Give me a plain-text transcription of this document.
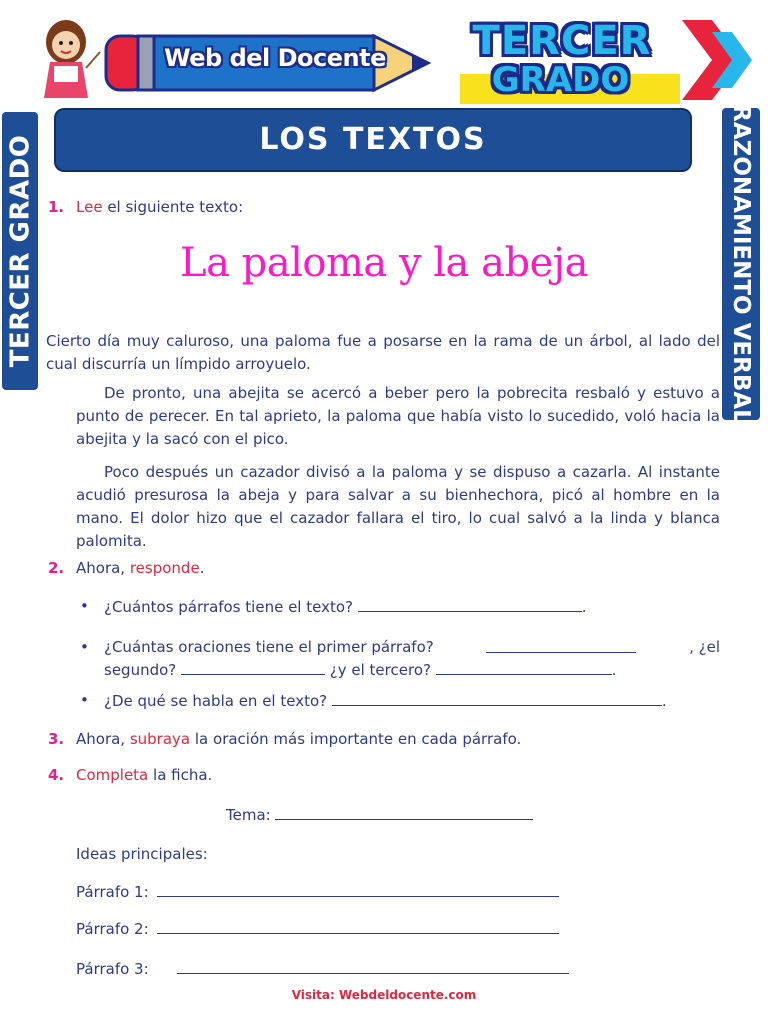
Web del Docente TERCER
GRADO
LOS TEXTOS
TERCER GRADO	RAZONAMIENTO VERBAL
1. Lee el siguiente texto:
La paloma y la abeja

Cierto día muy caluroso, una paloma fue a posarse en la rama de un árbol, al lado del cual discurría un límpido arroyuelo.

De pronto, una abejita se acercó a beber pero la pobrecita resbaló y estuvo a punto de perecer. En tal aprieto, la paloma que había visto lo sucedido, voló hacia la abejita y la sacó con el pico.

Poco después un cazador divisó a la paloma y se dispuso a cazarla. Al instante acudió presurosa la abeja y para salvar a su bienhechora, picó al hombre en la mano. El dolor hizo que el cazador fallara el tiro, lo cual salvó a la linda y blanca palomita.

2. Ahora, responde.
• ¿Cuántos párrafos tiene el texto?	.
• ¿Cuántas oraciones tiene el primer párrafo?	, ¿el
segundo?	¿y el tercero?	.
• ¿De qué se habla en el texto?	.
3. Ahora, subraya la oración más importante en cada párrafo.
4. Completa la ficha.
Tema:
Ideas principales:
Párrafo 1:
Párrafo 2:
Párrafo 3:
Visita: Webdeldocente.com
